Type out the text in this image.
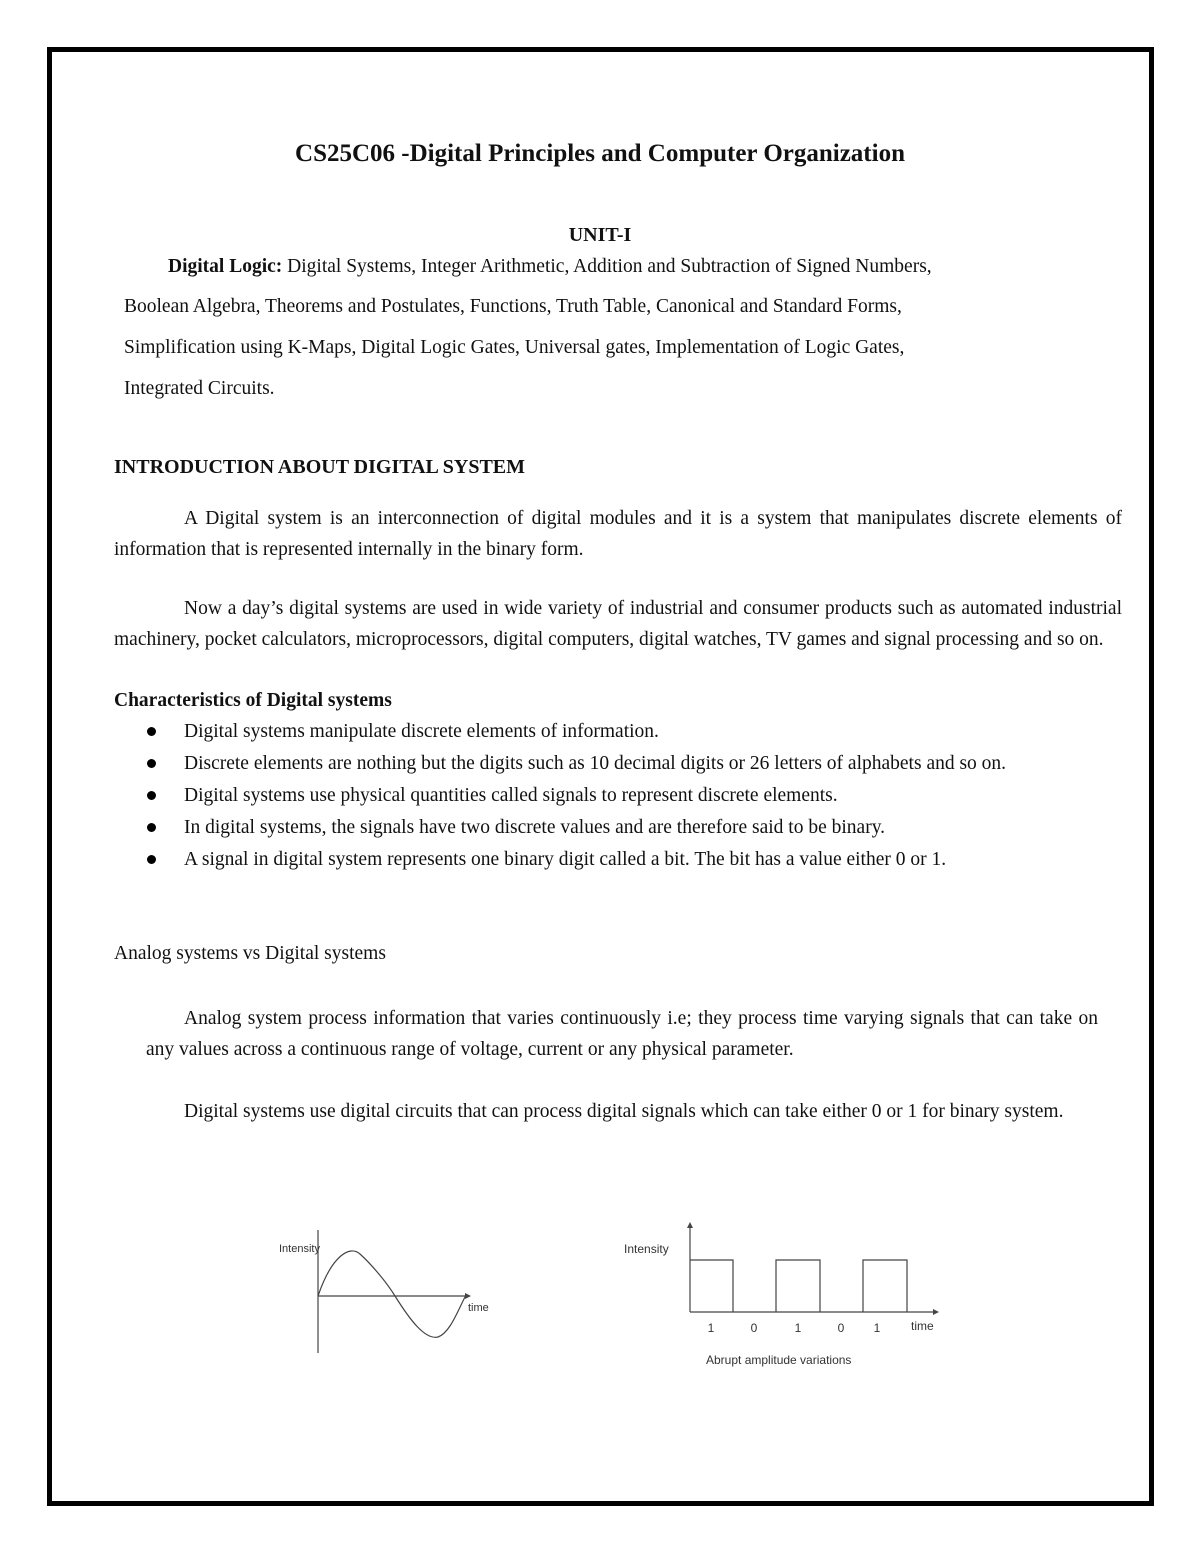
CS25C06 -Digital Principles and Computer Organization
UNIT-I
Digital Logic: Digital Systems, Integer Arithmetic, Addition and Subtraction of Signed Numbers,
Boolean Algebra, Theorems and Postulates, Functions, Truth Table, Canonical and Standard Forms,
Simplification using K-Maps, Digital Logic Gates, Universal gates, Implementation of Logic Gates,
Integrated Circuits.
INTRODUCTION ABOUT DIGITAL SYSTEM
A Digital system is an interconnection of digital modules and it is a system that manipulates discrete elements of information that is represented internally in the binary form.
Now a day’s digital systems are used in wide variety of industrial and consumer products such as automated industrial machinery, pocket calculators, microprocessors, digital computers, digital watches, TV games and signal processing and so on.
Characteristics of Digital systems
Digital systems manipulate discrete elements of information.
Discrete elements are nothing but the digits such as 10 decimal digits or 26 letters of alphabets and so on.
Digital systems use physical quantities called signals to represent discrete elements.
In digital systems, the signals have two discrete values and are therefore said to be binary.
A signal in digital system represents one binary digit called a bit. The bit has a value either 0 or 1.
Analog systems vs Digital systems
Analog system process information that varies continuously i.e; they process time varying signals that can take on any values across a continuous range of voltage, current or any physical parameter.
Digital systems use digital circuits that can process digital signals which can take either 0 or 1 for binary system.
Intensity
time
Intensity
1	0	1	0 1	time
Abrupt amplitude variations
